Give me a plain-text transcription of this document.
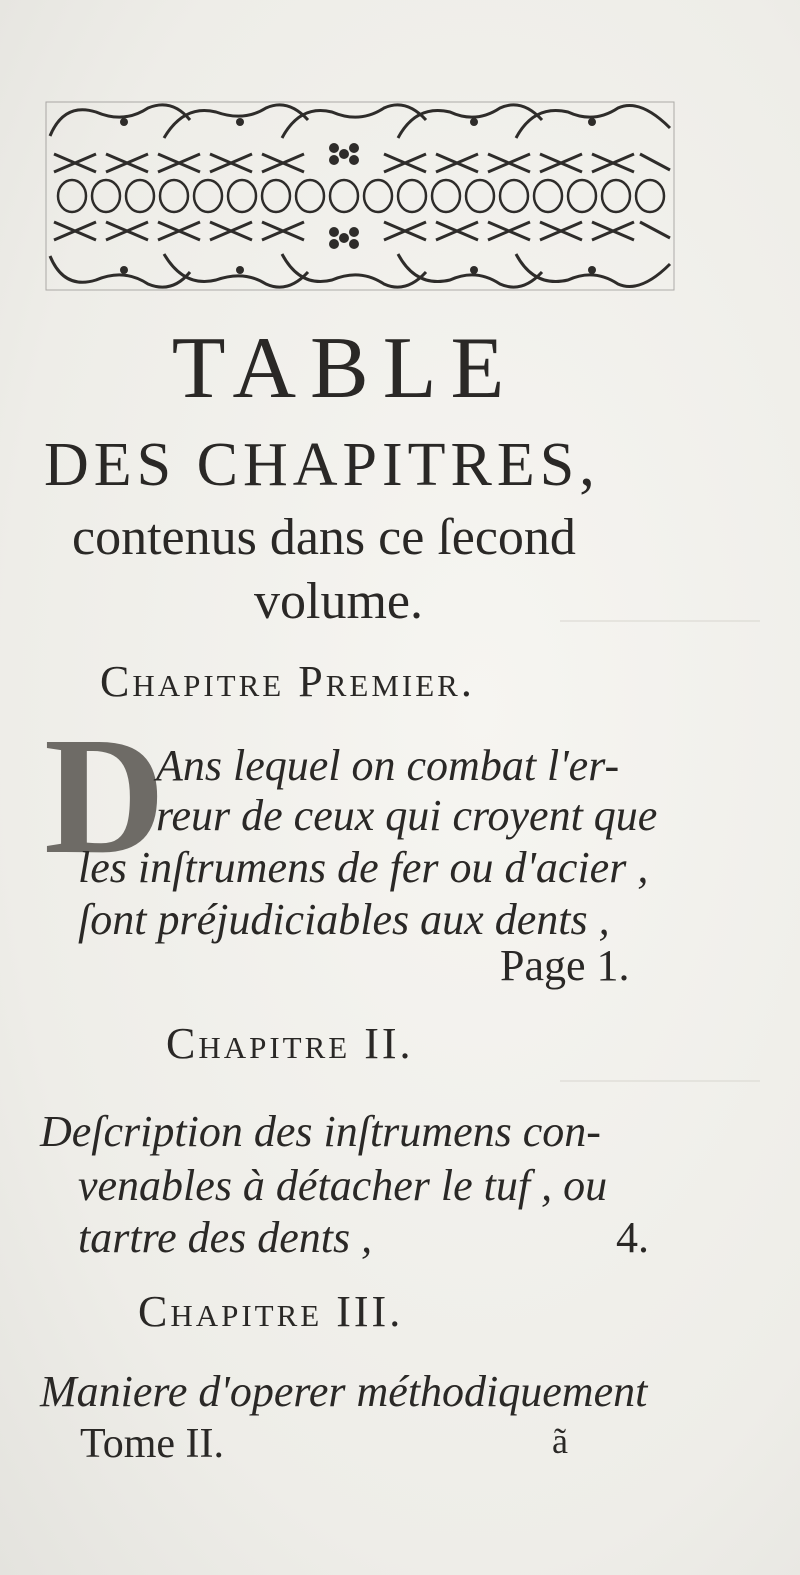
TABLE
DES CHAPITRES,
contenus dans ce ſecond
volume.
Chapitre Premier.
D
Ans lequel on combat l'er-
reur de ceux qui croyent que
les inſtrumens de fer ou d'acier ,
ſont préjudiciables aux dents ,
Page 1.
Chapitre II.
Deſcription des inſtrumens con-
venables à détacher le tuf , ou
tartre des dents ,	4.
Chapitre III.
Maniere d'operer méthodiquement
Tome II.	ã
